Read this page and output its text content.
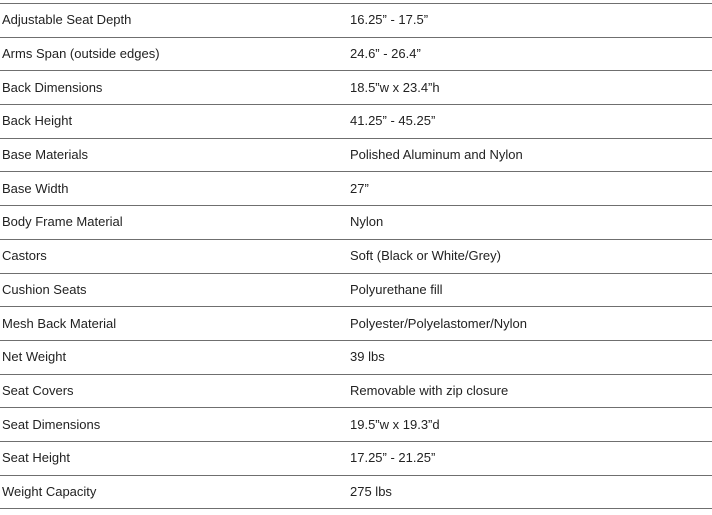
Adjustable Seat Depth	16.25” - 17.5”
Arms Span (outside edges)	24.6” - 26.4”
Back Dimensions	18.5”w x 23.4”h
Back Height	41.25” - 45.25”
Base Materials	Polished Aluminum and Nylon
Base Width	27”
Body Frame Material	Nylon
Castors	Soft (Black or White/Grey)
Cushion Seats	Polyurethane fill
Mesh Back Material	Polyester/Polyelastomer/Nylon
Net Weight	39 lbs
Seat Covers	Removable with zip closure
Seat Dimensions	19.5”w x 19.3”d
Seat Height	17.25” - 21.25”
Weight Capacity	275 lbs
